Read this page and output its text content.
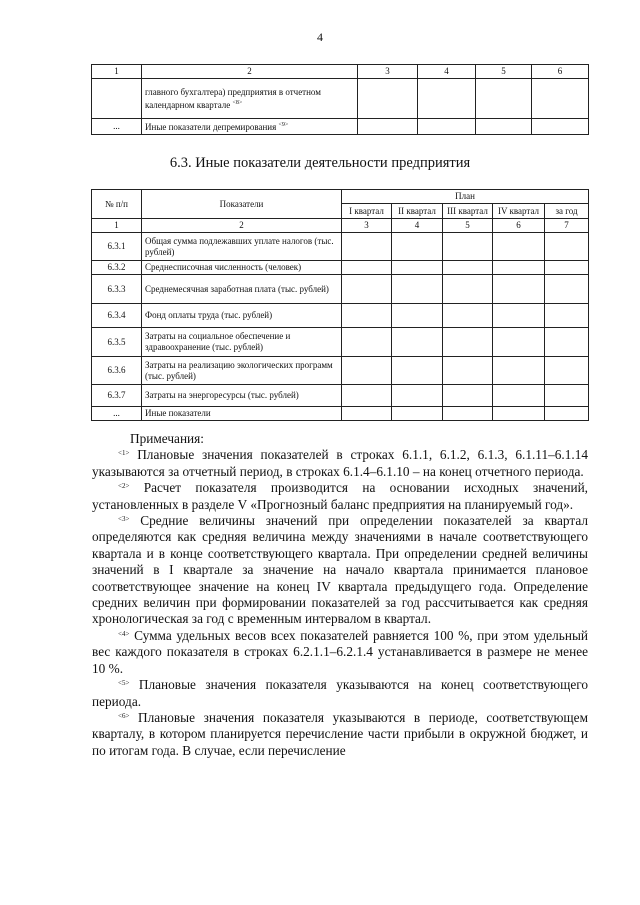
4
1	2	3	4	5	6
	главного бухгалтера) предприятия в отчетном календарном квартале $^{<8>}$				
...	Иные показатели депремирования $^{<9>}$				
6.3. Иные показатели деятельности предприятия
№ п/п	Показатели	План				
		I квартал	II квартал	III квартал	IV квартал	за год
1	2	3	4	5	6	7
6.3.1	Общая сумма подлежавших уплате налогов (тыс. рублей)					
6.3.2	Среднесписочная численность (человек)					
6.3.3	Среднемесячная заработная плата (тыс. рублей)					
6.3.4	Фонд оплаты труда (тыс. рублей)					
6.3.5	Затраты на социальное обеспечение и здравоохранение (тыс. рублей)					
6.3.6	Затраты на реализацию экологических программ (тыс. рублей)					
6.3.7	Затраты на энергоресурсы (тыс. рублей)					
...	Иные показатели					

Примечания:

$^{<1>}$ Плановые значения показателей в строках 6.1.1, 6.1.2, 6.1.3, 6.1.11–6.1.14 указываются за отчетный период, в строках 6.1.4–6.1.10 – на конец отчетного периода.

$^{<2>}$ Расчет показателя производится на основании исходных значений, установленных в разделе V «Прогнозный баланс предприятия на планируемый год».

$^{<3>}$ Средние величины значений при определении показателей за квартал определяются как средняя величина между значениями в начале соответствующего квартала и в конце соответствующего квартала. При определении средней величины значений в I квартале за значение на начало квартала принимается плановое соответствующее значение на конец IV квартала предыдущего года. Определение средних величин при формировании показателей за год рассчитывается как средняя хронологическая за год с временным интервалом в квартал.

$^{<4>}$ Сумма удельных весов всех показателей равняется 100 %, при этом удельный вес каждого показателя в строках 6.2.1.1–6.2.1.4 устанавливается в размере не менее 10 %.

$^{<5>}$ Плановые значения показателя указываются на конец соответствующего периода.

$^{<6>}$ Плановые значения показателя указываются в периоде, соответствующем кварталу, в котором планируется перечисление части прибыли в окружной бюджет, и по итогам года. В случае, если перечисление
